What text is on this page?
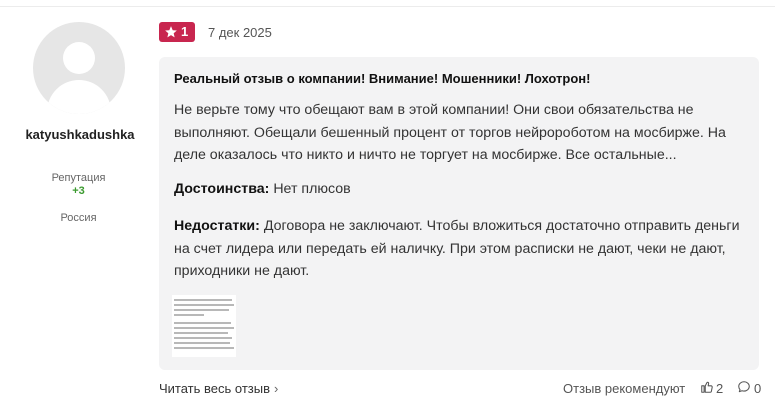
katyushkadushka
Репутация
+3
Россия
1 7 дек 2025
Реальный отзыв о компании! Внимание! Мошенники! Лохотрон!
Не верьте тому что обещают вам в этой компании! Они свои обязательства не выполняют. Обещали бешенный процент от торгов нейророботом на мосбирже. На деле оказалось что никто и ничто не торгует на мосбирже. Все остальные...
Достоинства: Нет плюсов
Недостатки: Договора не заключают. Чтобы вложиться достаточно отправить деньги на счет лидера или передать ей наличку. При этом расписки не дают, чеки не дают, приходники не дают.
Читать весь отзыв ›	Отзыв рекомендуют 2 0
